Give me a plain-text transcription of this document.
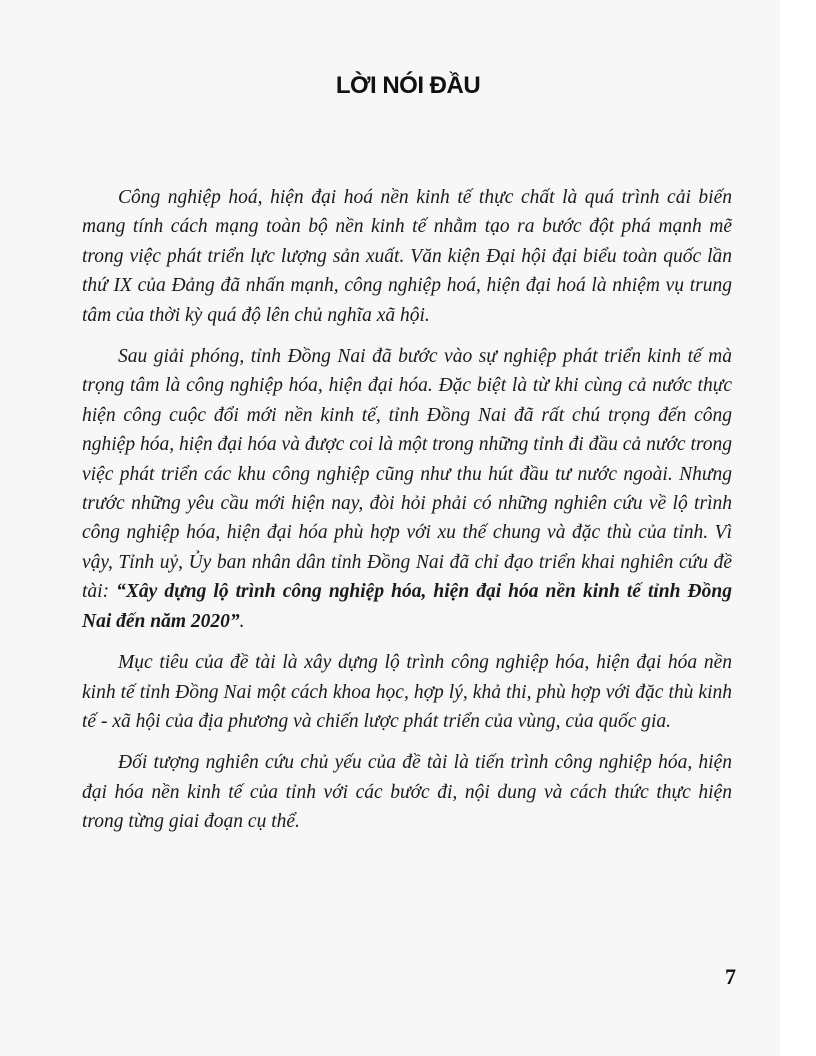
LỜI NÓI ĐẦU

Công nghiệp hoá, hiện đại hoá nền kinh tế thực chất là quá trình cải biến mang tính cách mạng toàn bộ nền kinh tế nhằm tạo ra bước đột phá mạnh mẽ trong việc phát triển lực lượng sản xuất. Văn kiện Đại hội đại biểu toàn quốc lần thứ IX của Đảng đã nhấn mạnh, công nghiệp hoá, hiện đại hoá là nhiệm vụ trung tâm của thời kỳ quá độ lên chủ nghĩa xã hội.

Sau giải phóng, tỉnh Đồng Nai đã bước vào sự nghiệp phát triển kinh tế mà trọng tâm là công nghiệp hóa, hiện đại hóa. Đặc biệt là từ khi cùng cả nước thực hiện công cuộc đổi mới nền kinh tế, tỉnh Đồng Nai đã rất chú trọng đến công nghiệp hóa, hiện đại hóa và được coi là một trong những tỉnh đi đầu cả nước trong việc phát triển các khu công nghiệp cũng như thu hút đầu tư nước ngoài. Nhưng trước những yêu cầu mới hiện nay, đòi hỏi phải có những nghiên cứu về lộ trình công nghiệp hóa, hiện đại hóa phù hợp với xu thế chung và đặc thù của tỉnh. Vì vậy, Tỉnh uỷ, Ủy ban nhân dân tỉnh Đồng Nai đã chỉ đạo triển khai nghiên cứu đề tài: “Xây dựng lộ trình công nghiệp hóa, hiện đại hóa nền kinh tế tỉnh Đồng Nai đến năm 2020”.

Mục tiêu của đề tài là xây dựng lộ trình công nghiệp hóa, hiện đại hóa nền kinh tế tỉnh Đồng Nai một cách khoa học, hợp lý, khả thi, phù hợp với đặc thù kinh tế - xã hội của địa phương và chiến lược phát triển của vùng, của quốc gia.

Đối tượng nghiên cứu chủ yếu của đề tài là tiến trình công nghiệp hóa, hiện đại hóa nền kinh tế của tỉnh với các bước đi, nội dung và cách thức thực hiện trong từng giai đoạn cụ thể.

7
